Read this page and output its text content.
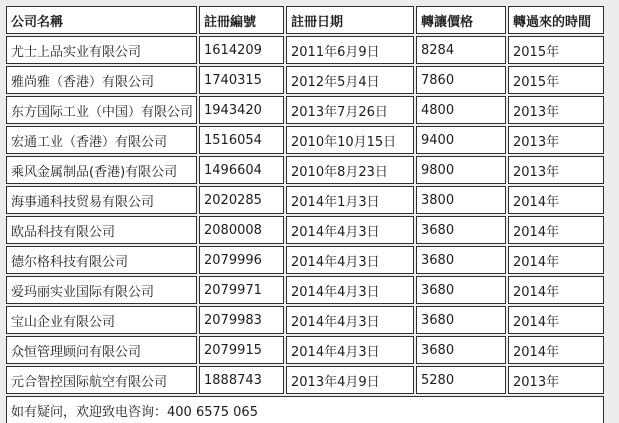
公司名稱	註冊編號	註冊日期	轉讓價格	轉過來的時間
尤士上品实业有限公司	1614209	2011年6月9日	8284	2015年
雅尚雅（香港）有限公司	1740315	2012年5月4日	7860	2015年
东方国际工业（中国）有限公司	1943420	2013年7月26日	4800	2013年
宏通工业（香港）有限公司	1516054	2010年10月15日	9400	2013年
乘风金属制品(香港)有限公司	1496604	2010年8月23日	9800	2013年
海事通科技贸易有限公司	2020285	2014年1月3日	3800	2014年
欧品科技有限公司	2080008	2014年4月3日	3680	2014年
德尔格科技有限公司	2079996	2014年4月3日	3680	2014年
爱玛丽实业国际有限公司	2079971	2014年4月3日	3680	2014年
宝山企业有限公司	2079983	2014年4月3日	3680	2014年
众恒管理顾问有限公司	2079915	2014年4月3日	3680	2014年
元合智控国际航空有限公司	1888743	2013年4月9日	5280	2013年
如有疑问，欢迎致电咨询：400 6575 065				
